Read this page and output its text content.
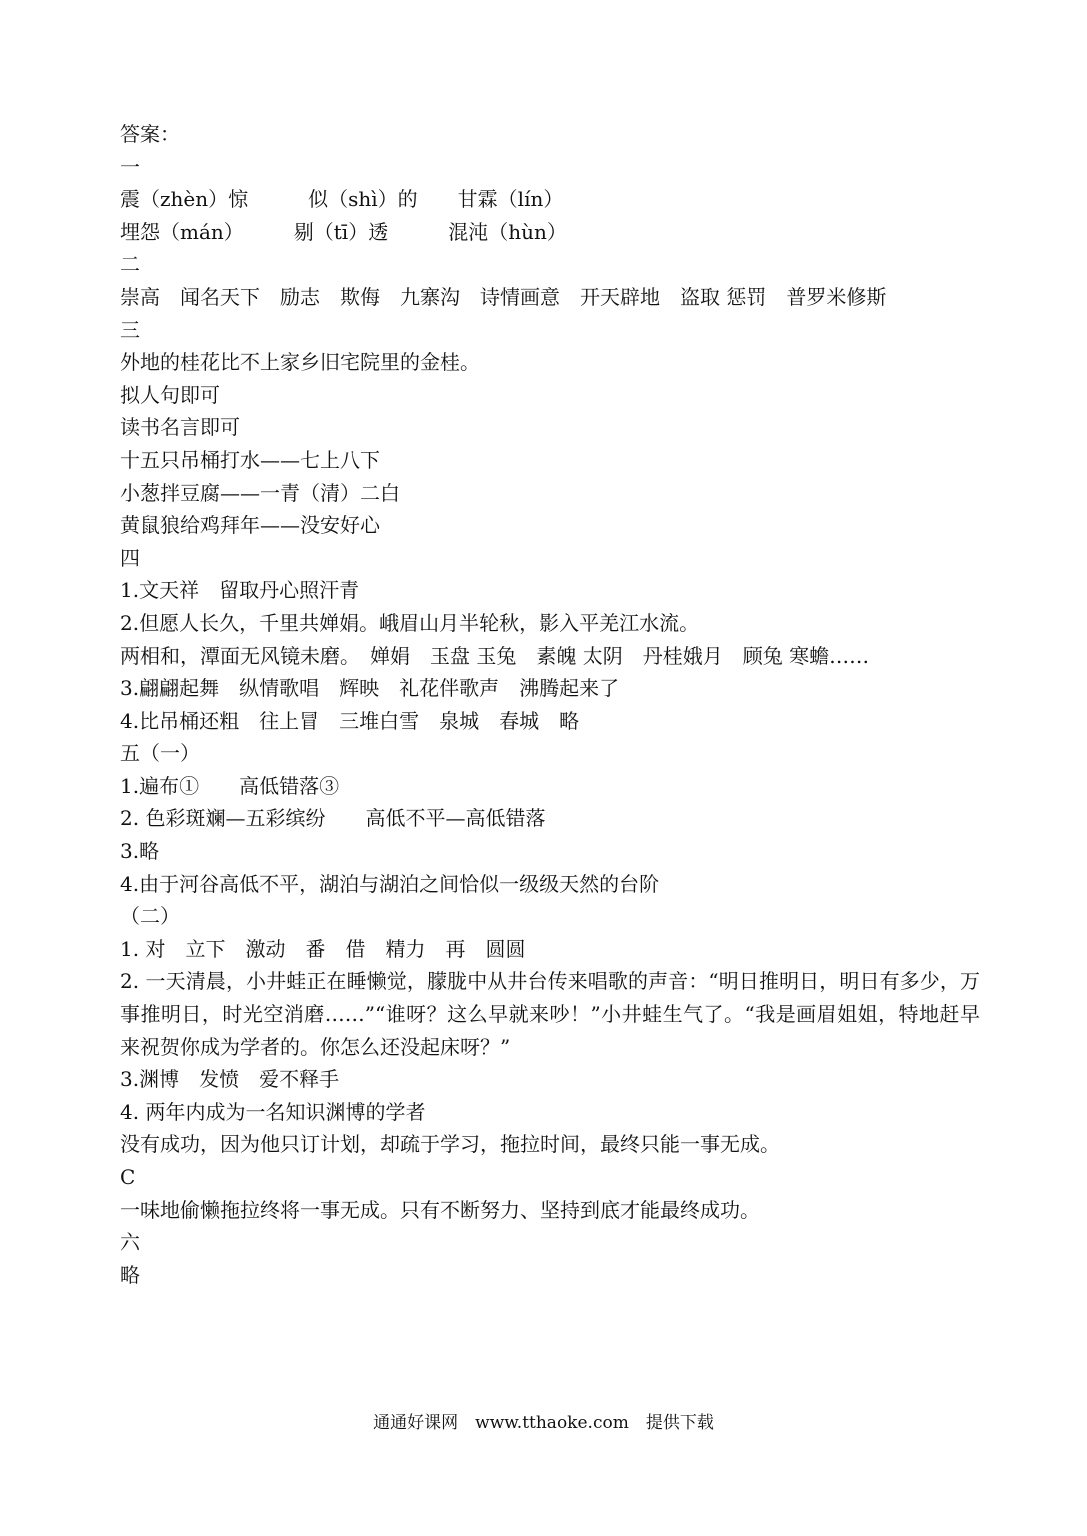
答案：
一
震（zhèn）惊　　　似（shì）的　　甘霖（lín）
埋怨（mán）　　　剔（tī）透　　　混沌（hùn）
二
崇高　闻名天下　励志　欺侮　九寨沟　诗情画意　开天辟地　盗取 惩罚　普罗米修斯
三
外地的桂花比不上家乡旧宅院里的金桂。
拟人句即可
读书名言即可
十五只吊桶打水——七上八下
小葱拌豆腐——一青（清）二白
黄鼠狼给鸡拜年——没安好心
四
1.文天祥　留取丹心照汗青
2.但愿人长久，千里共婵娟。峨眉山月半轮秋，影入平羌江水流。
两相和，潭面无风镜未磨。　婵娟　玉盘 玉兔　素魄 太阴　丹桂娥月　顾兔 寒蟾……
3.翩翩起舞　纵情歌唱　辉映　礼花伴歌声　沸腾起来了
4.比吊桶还粗　往上冒　三堆白雪　泉城　春城　略
五（一）
1.遍布①　　高低错落③
2. 色彩斑斓—五彩缤纷　　高低不平—高低错落
3.略
4.由于河谷高低不平，湖泊与湖泊之间恰似一级级天然的台阶
（二）
1. 对　立下　激动　番　借　精力　再　圆圆
2. 一天清晨，小井蛙正在睡懒觉，朦胧中从井台传来唱歌的声音：“明日推明日，明日有多少，万事推明日，时光空消磨……”“谁呀？这么早就来吵！”小井蛙生气了。“我是画眉姐姐，特地赶早来祝贺你成为学者的。你怎么还没起床呀？”
3.渊博　发愤　爱不释手
4. 两年内成为一名知识渊博的学者
没有成功，因为他只订计划，却疏于学习，拖拉时间，最终只能一事无成。
C
一味地偷懒拖拉终将一事无成。只有不断努力、坚持到底才能最终成功。
六
略
通通好课网　www.tthaoke.com　提供下载
